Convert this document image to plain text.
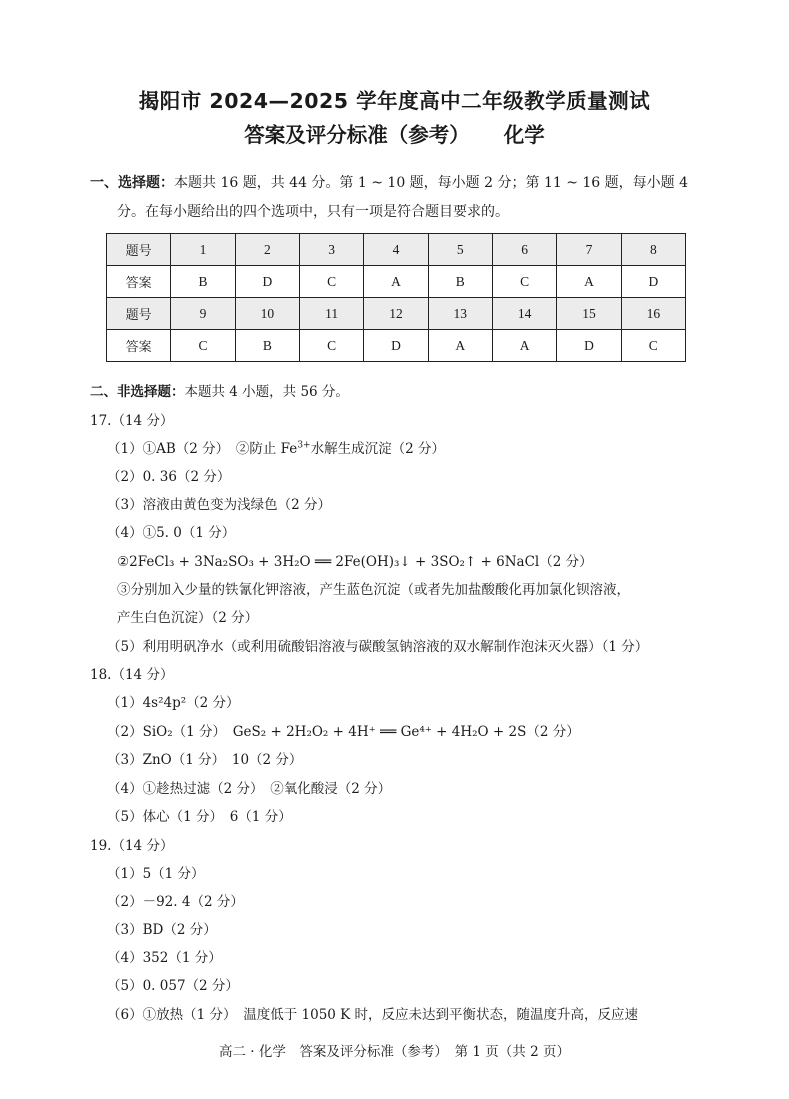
揭阳市 2024—2025 学年度高中二年级教学质量测试
答案及评分标准（参考） 化学
一、选择题：本题共 16 题，共 44 分。第 1 ~ 10 题，每小题 2 分；第 11 ~ 16 题，每小题 4
分。在每小题给出的四个选项中，只有一项是符合题目要求的。
题号	1	2	3	4	5	6	7	8
答案	B	D	C	A	B	C	A	D
题号	9	10	11	12	13	14	15	16
答案	C	B	C	D	A	A	D	C
二、非选择题：本题共 4 小题，共 56 分。
17.（14 分）
（1）①AB（2 分）　②防止 $Fe^{3+}$水解生成沉淀（2 分）
（2）0. 36（2 分）
（3）溶液由黄色变为浅绿色（2 分）
（4）①5. 0（1 分）
②2FeCl₃ + 3Na₂SO₃ + 3H₂O ══ 2Fe(OH)₃↓ + 3SO₂↑ + 6NaCl（2 分）
③分别加入少量的铁氰化钾溶液，产生蓝色沉淀（或者先加盐酸酸化再加氯化钡溶液，
产生白色沉淀）（2 分）
（5）利用明矾净水（或利用硫酸铝溶液与碳酸氢钠溶液的双水解制作泡沫灭火器）（1 分）
18.（14 分）
（1）4s²4p²（2 分）
（2）SiO₂（1 分）　GeS₂ + 2H₂O₂ + 4H⁺ ══ Ge⁴⁺ + 4H₂O + 2S（2 分）
（3）ZnO（1 分）　10（2 分）
（4）①趁热过滤（2 分）　②氧化酸浸（2 分）
（5）体心（1 分）　6（1 分）
19.（14 分）
（1）5（1 分）
（2）－92. 4（2 分）
（3）BD（2 分）
（4）352（1 分）
（5）0. 057（2 分）
（6）①放热（1 分）　温度低于 1050 K 时，反应未达到平衡状态，随温度升高，反应速
高二 · 化学　答案及评分标准（参考）　第 1 页（共 2 页）
